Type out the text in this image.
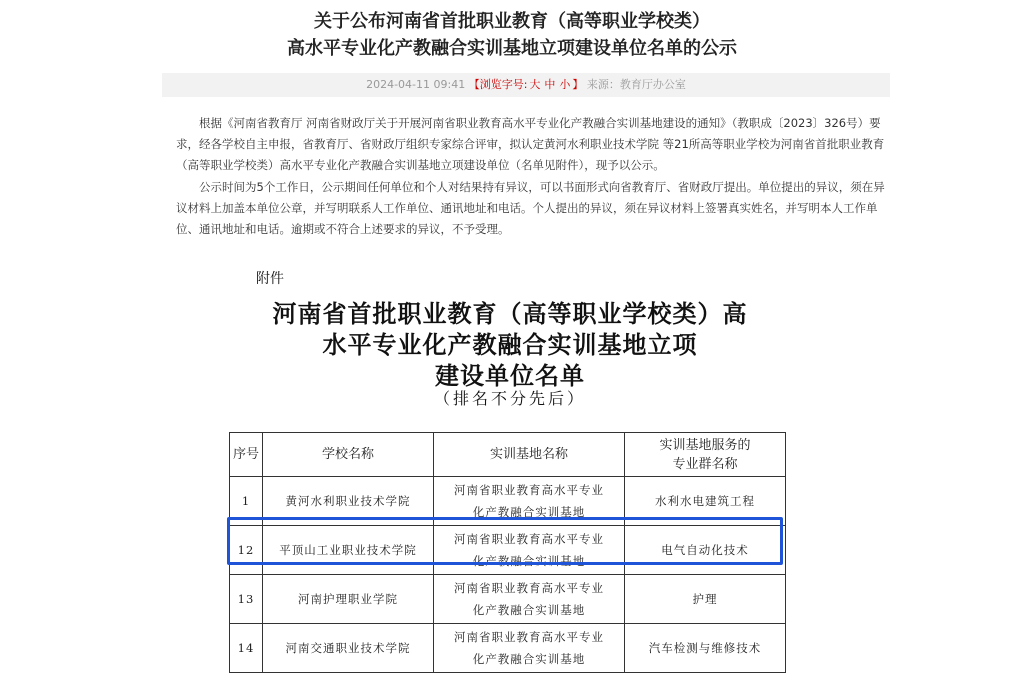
关于公布河南省首批职业教育（高等职业学校类）
高水平专业化产教融合实训基地立项建设单位名单的公示
2024-04-11 09:41 【浏览字号: 大 中 小 】 来源：教育厅办公室

根据《河南省教育厅 河南省财政厅关于开展河南省职业教育高水平专业化产教融合实训基地建设的通知》（教职成〔2023〕326号）要求，经各学校自主申报，省教育厅、省财政厅组织专家综合评审，拟认定黄河水利职业技术学院 等21所高等职业学校为河南省首批职业教育（高等职业学校类）高水平专业化产教融合实训基地立项建设单位（名单见附件），现予以公示。

公示时间为5个工作日，公示期间任何单位和个人对结果持有异议，可以书面形式向省教育厅、省财政厅提出。单位提出的异议，须在异议材料上加盖本单位公章，并写明联系人工作单位、通讯地址和电话。个人提出的异议，须在异议材料上签署真实姓名，并写明本人工作单位、通讯地址和电话。逾期或不符合上述要求的异议，不予受理。

附件
河南省首批职业教育（高等职业学校类）高
水平专业化产教融合实训基地立项
建设单位名单
（排名不分先后）
序号	学校名称	实训基地名称	实训基地服务的
专业群名称

1	黄河水利职业技术学院	河南省职业教育高水平专业
化产教融合实训基地	水利水电建筑工程
12	平顶山工业职业技术学院	河南省职业教育高水平专业
化产教融合实训基地	电气自动化技术
13	河南护理职业学院	河南省职业教育高水平专业
化产教融合实训基地	护理
14	河南交通职业技术学院	河南省职业教育高水平专业
化产教融合实训基地	汽车检测与维修技术
